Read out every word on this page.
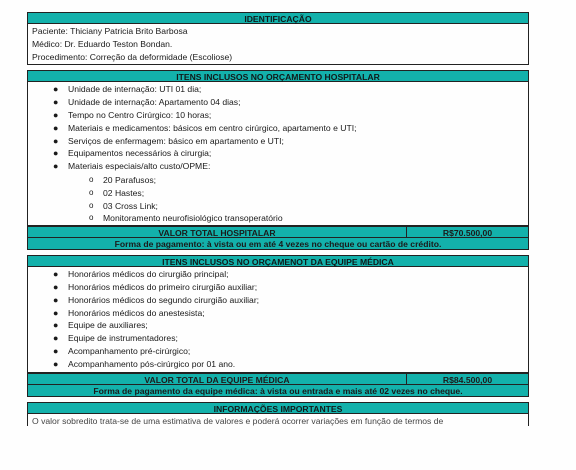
IDENTIFICAÇÃO
Paciente: Thiciany Patricia Brito Barbosa
Médico: Dr. Eduardo Teston Bondan.
Procedimento: Correção da deformidade (Escoliose)
ITENS INCLUSOS NO ORÇAMENTO HOSPITALAR
● Unidade de internação: UTI 01 dia;
● Unidade de internação: Apartamento 04 dias;
● Tempo no Centro Cirúrgico: 10 horas;
● Materiais e medicamentos: básicos em centro cirúrgico, apartamento e UTI;
● Serviços de enfermagem: básico em apartamento e UTI;
● Equipamentos necessários à cirurgia;
● Materiais especiais/alto custo/OPME:
o 20 Parafusos;
o 02 Hastes;
o 03 Cross Link;
o Monitoramento neurofisiológico transoperatório
VALOR TOTAL HOSPITALAR	R$70.500,00
Forma de pagamento: à vista ou em até 4 vezes no cheque ou cartão de crédito.
ITENS INCLUSOS NO ORÇAMENOT DA EQUIPE MÉDICA
● Honorários médicos do cirurgião principal;
● Honorários médicos do primeiro cirurgião auxiliar;
● Honorários médicos do segundo cirurgião auxiliar;
● Honorários médicos do anestesista;
● Equipe de auxiliares;
● Equipe de instrumentadores;
● Acompanhamento pré-cirúrgico;
● Acompanhamento pós-cirúrgico por 01 ano.
VALOR TOTAL DA EQUIPE MÉDICA	R$84.500,00
Forma de pagamento da equipe médica: à vista ou entrada e mais até 02 vezes no cheque.
INFORMAÇÕES IMPORTANTES
O valor sobredito trata-se de uma estimativa de valores e poderá ocorrer variações em função de termos de
